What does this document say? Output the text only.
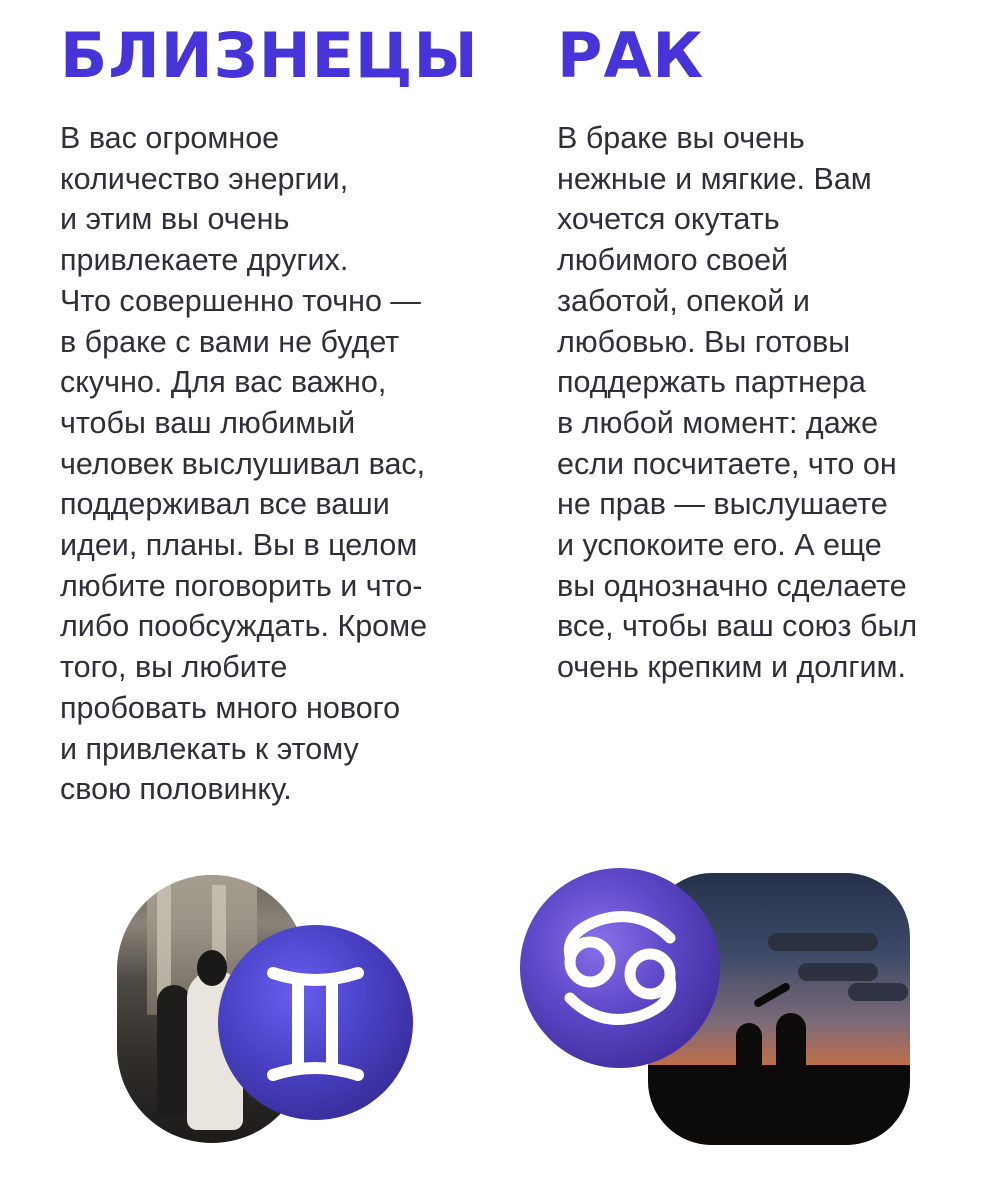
БЛИЗНЕЦЫ
В вас огромное
количество энергии,
и этим вы очень
привлекаете других.
Что совершенно точно —
в браке с вами не будет
скучно. Для вас важно,
чтобы ваш любимый
человек выслушивал вас,
поддерживал все ваши
идеи, планы. Вы в целом
любите поговорить и что-
либо пообсуждать. Кроме
того, вы любите
пробовать много нового
и привлекать к этому
свою половинку.
РАК
В браке вы очень
нежные и мягкие. Вам
хочется окутать
любимого своей
заботой, опекой и
любовью. Вы готовы
поддержать партнера
в любой момент: даже
если посчитаете, что он
не прав — выслушаете
и успокоите его. А еще
вы однозначно сделаете
все, чтобы ваш союз был
очень крепким и долгим.
